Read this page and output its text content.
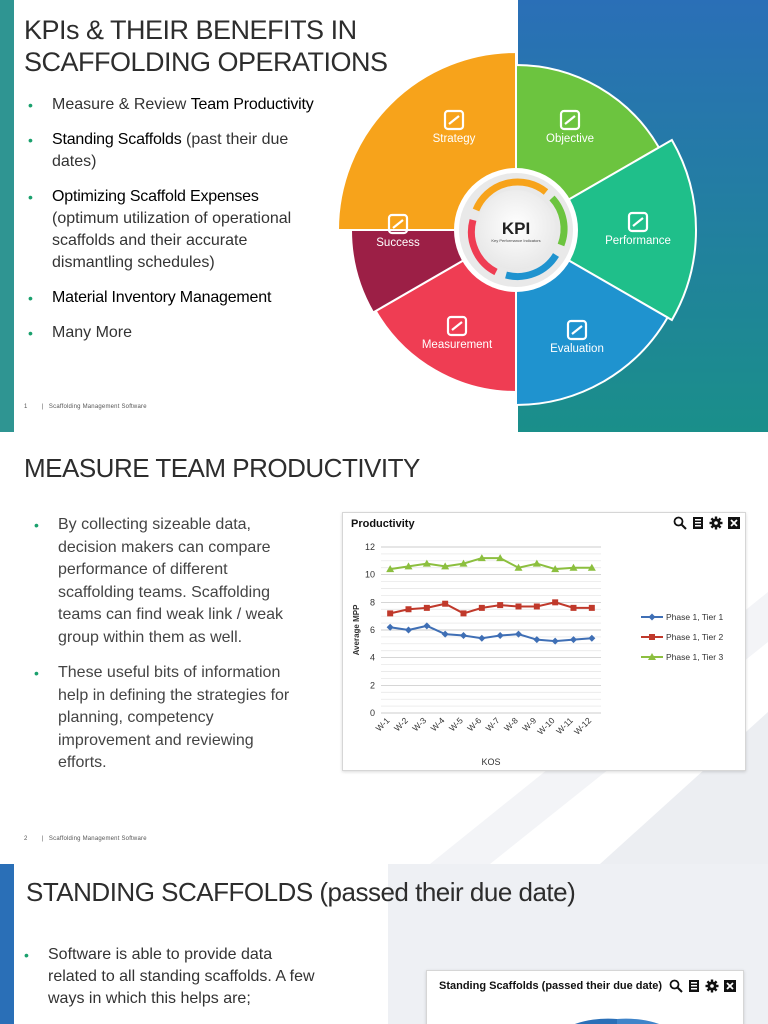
KPIs & THEIR BENEFITS IN SCAFFOLDING OPERATIONS
• Measure & Review Team Productivity
• Standing Scaffolds (past their due dates)
• Optimizing Scaffold Expenses (optimum utilization of operational scaffolds and their accurate dismantling schedules)
• Material Inventory Management
• Many More
1 |   Scaffolding Management Software
KPI
Key Performance Indicators
Strategy	Objective
Performance
Evaluation
Measurement
Success
MEASURE TEAM PRODUCTIVITY
• By collecting sizeable data, decision makers can compare performance of different scaffolding teams. Scaffolding teams can find weak link / weak group within them as well.
• These useful bits of information help in defining the strategies for planning, competency improvement and reviewing efforts.
2 |   Scaffolding Management Software
Productivity
0
2
4
6
8
10
12
W-1 W-2 W-3 W-4 W-5 W-6 W-7 W-8 W-9
W-10
W-11
W-12
KOS
Average MPP	Phase 1, Tier 1
Phase 1, Tier 2
Phase 1, Tier 3
STANDING SCAFFOLDS (passed their due date)
• Software is able to provide data related to all standing scaffolds. A few ways in which this helps are;
Standing Scaffolds (passed their due date)
